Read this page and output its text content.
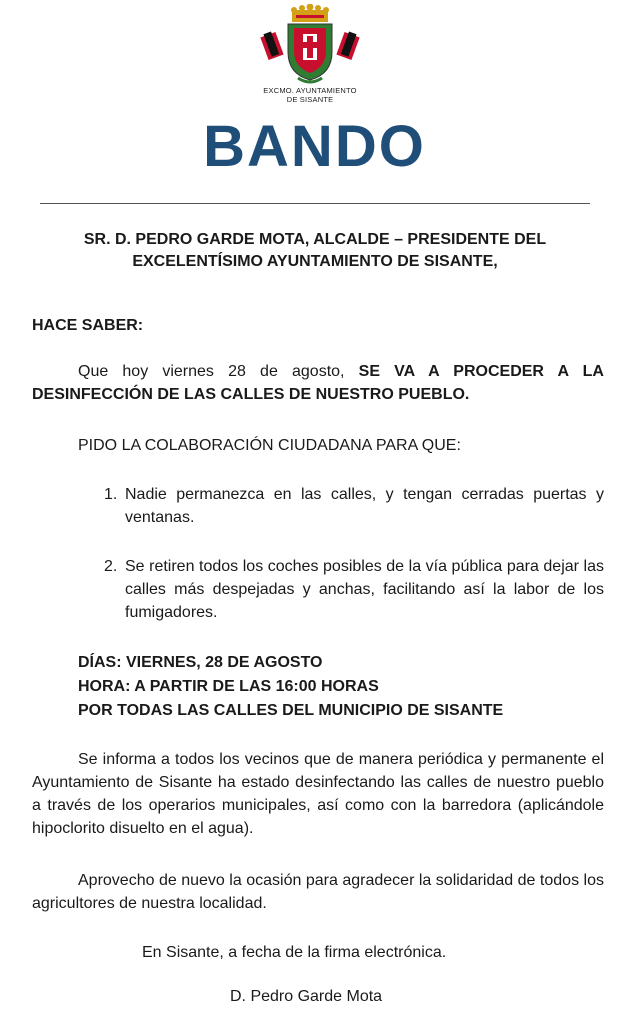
EXCMO. AYUNTAMIENTO
DE SISANTE
BANDO
SR. D. PEDRO GARDE MOTA, ALCALDE – PRESIDENTE DEL
EXCELENTÍSIMO AYUNTAMIENTO DE SISANTE,
HACE SABER:
Que hoy viernes 28 de agosto, SE VA A PROCEDER A LA DESINFECCIÓN DE LAS CALLES DE NUESTRO PUEBLO.
PIDO LA COLABORACIÓN CIUDADANA PARA QUE:
1. Nadie permanezca en las calles, y tengan cerradas puertas y ventanas.
2. Se retiren todos los coches posibles de la vía pública para dejar las calles más despejadas y anchas, facilitando así la labor de los fumigadores.
DÍAS: VIERNES, 28 DE AGOSTO
HORA: A PARTIR DE LAS 16:00 HORAS
POR TODAS LAS CALLES DEL MUNICIPIO DE SISANTE
Se informa a todos los vecinos que de manera periódica y permanente el Ayuntamiento de Sisante ha estado desinfectando las calles de nuestro pueblo a través de los operarios municipales, así como con la barredora (aplicándole hipoclorito disuelto en el agua).
Aprovecho de nuevo la ocasión para agradecer la solidaridad de todos los agricultores de nuestra localidad.
En Sisante, a fecha de la firma electrónica.
D. Pedro Garde Mota
